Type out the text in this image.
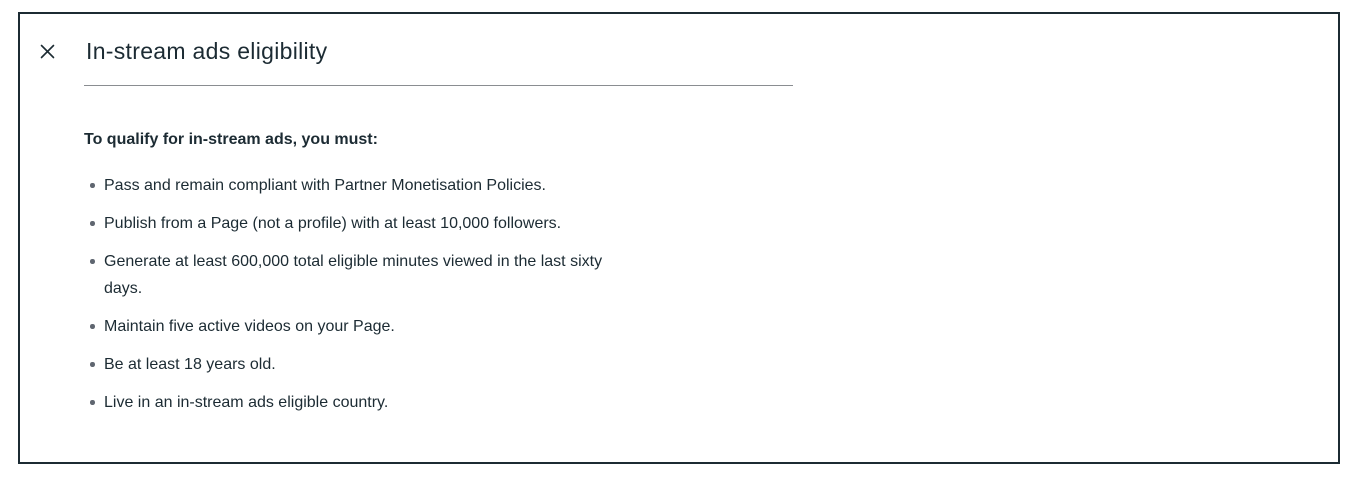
In-stream ads eligibility
To qualify for in-stream ads, you must:
Pass and remain compliant with Partner Monetisation Policies.
Publish from a Page (not a profile) with at least 10,000 followers.
Generate at least 600,000 total eligible minutes viewed in the last sixty days.
Maintain five active videos on your Page.
Be at least 18 years old.
Live in an in-stream ads eligible country.
